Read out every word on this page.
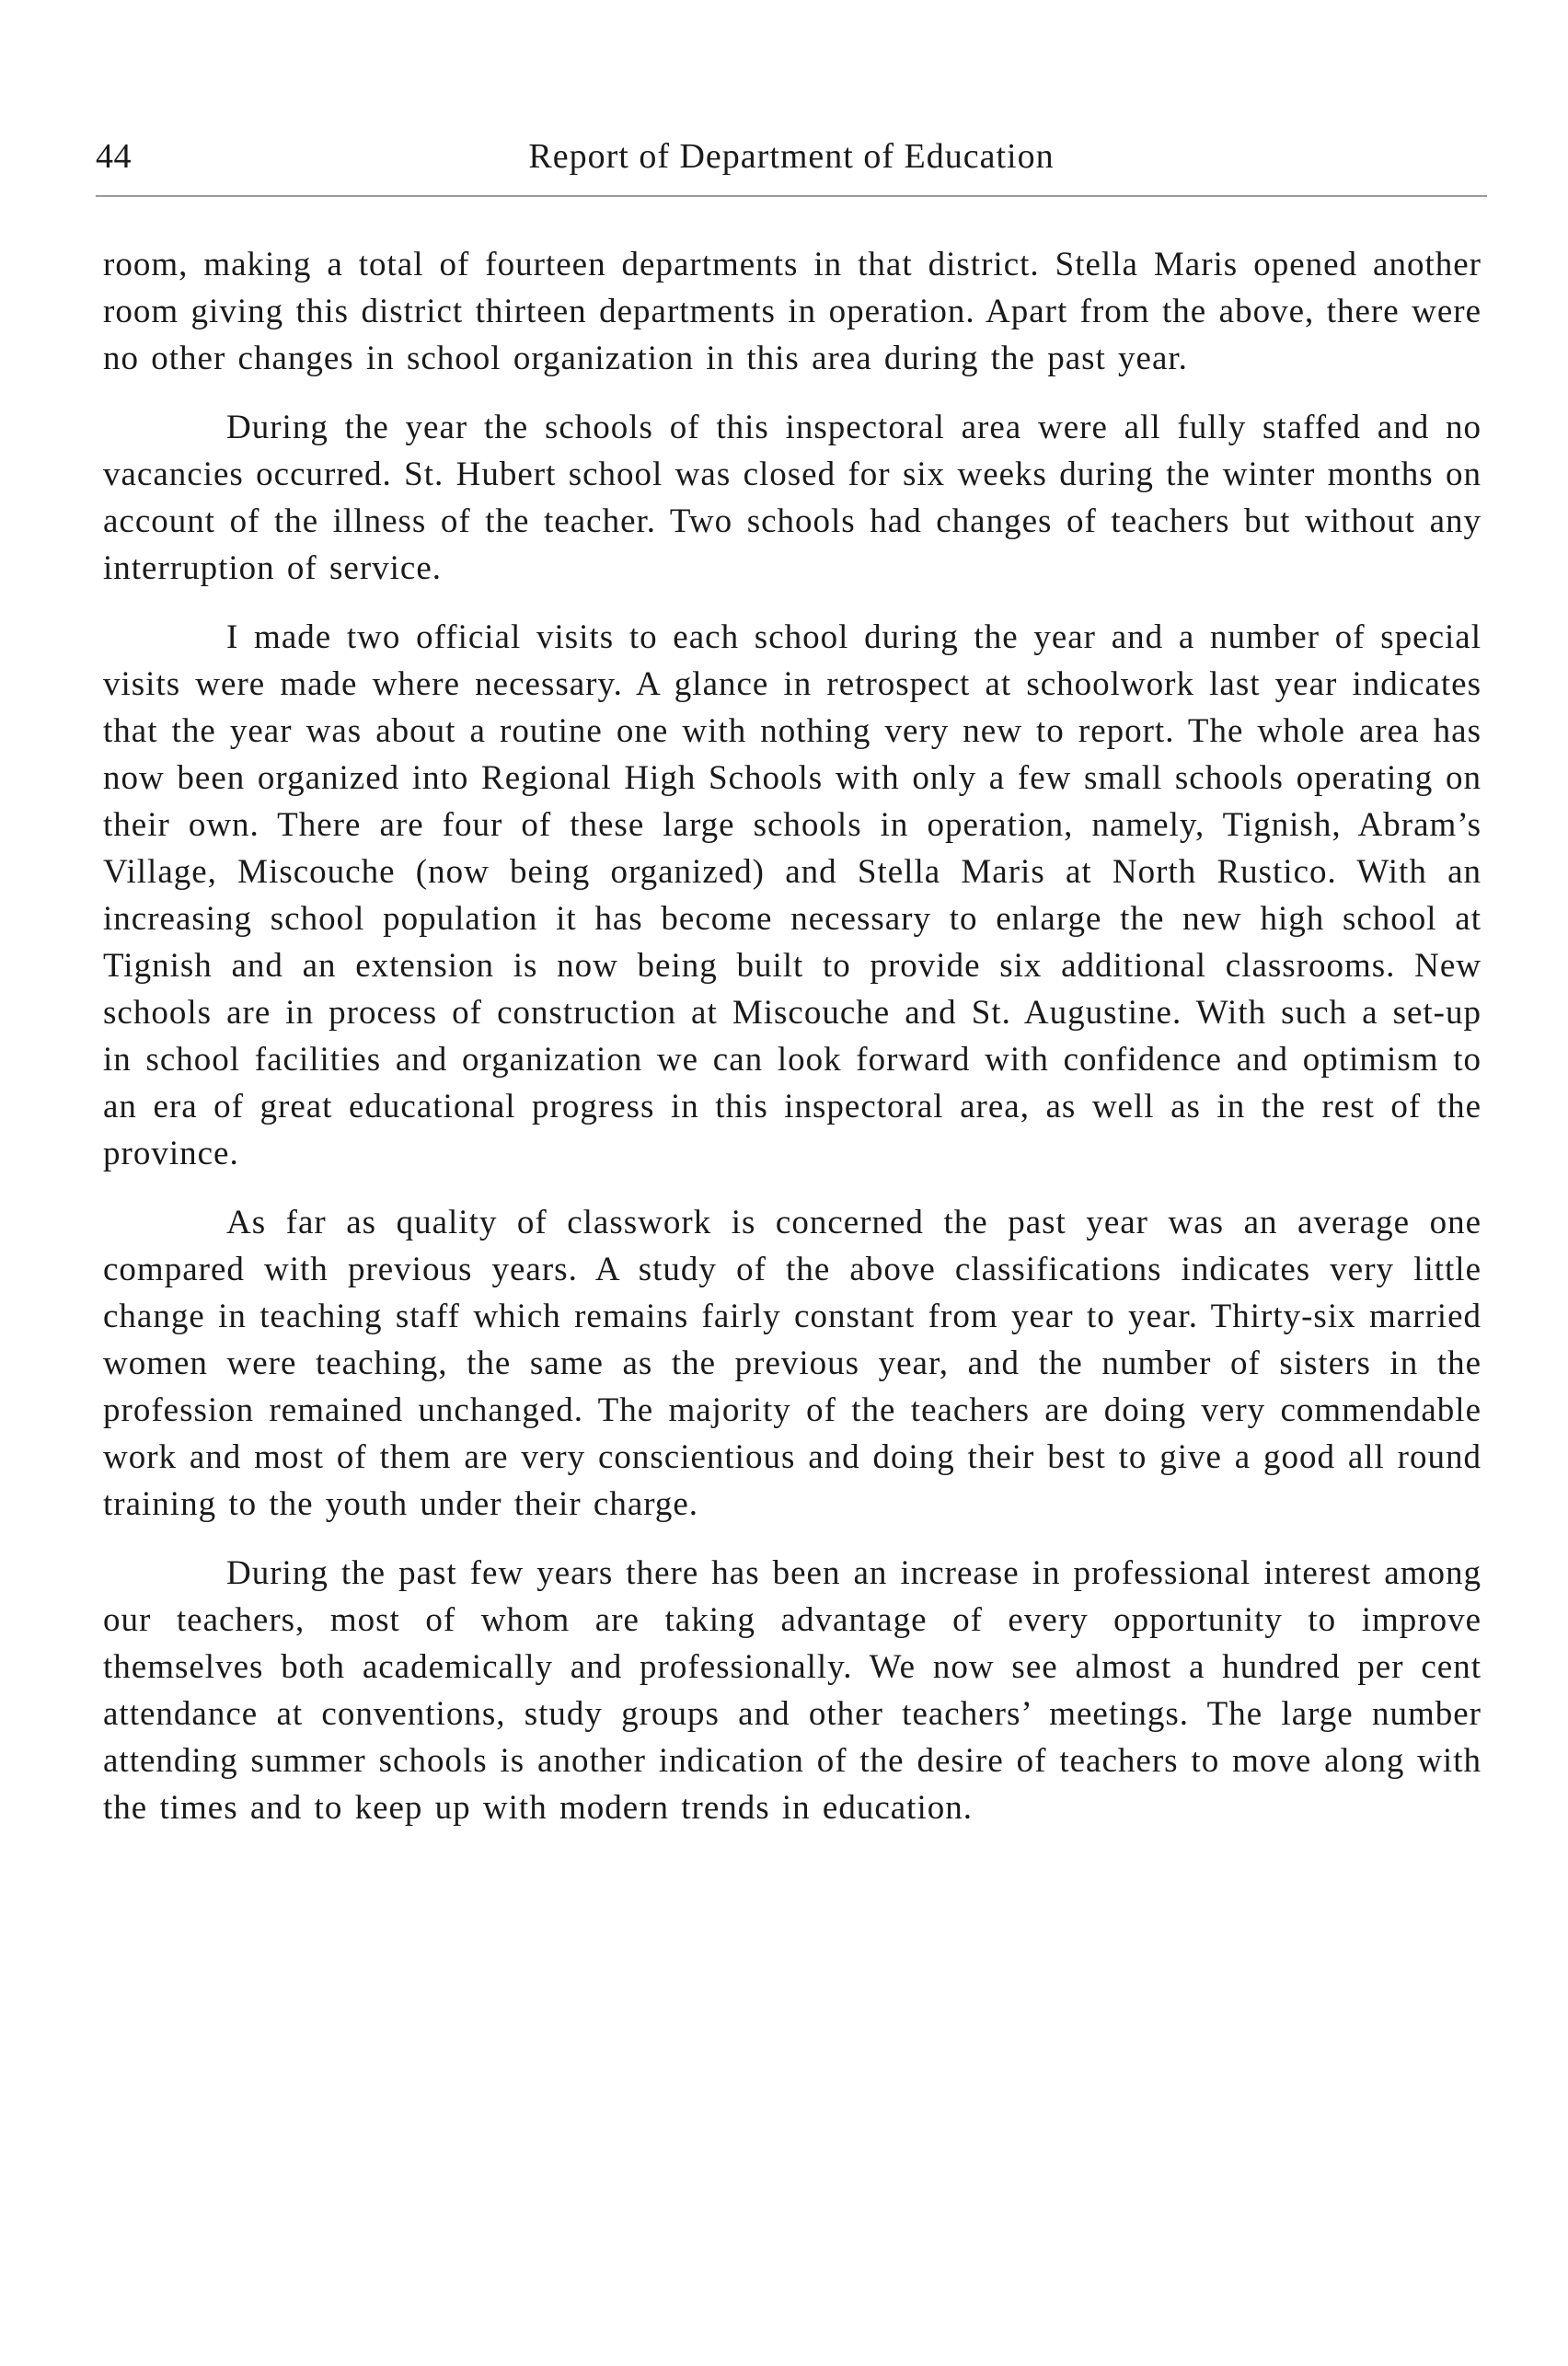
44	Report of Department of Education

room, making a total of fourteen departments in that district. Stella Maris opened another room giving this district thirteen departments in operation. Apart from the above, there were no other changes in school organization in this area during the past year.

During the year the schools of this inspectoral area were all fully staffed and no vacancies occurred. St. Hubert school was closed for six weeks during the winter months on account of the illness of the teacher. Two schools had changes of teachers but without any interruption of service.

I made two official visits to each school during the year and a number of special visits were made where necessary. A glance in retrospect at schoolwork last year indicates that the year was about a routine one with nothing very new to report. The whole area has now been organized into Regional High Schools with only a few small schools operating on their own. There are four of these large schools in operation, namely, Tignish, Abram’s Village, Miscouche (now being organized) and Stella Maris at North Rustico. With an increasing school population it has become necessary to enlarge the new high school at Tignish and an extension is now being built to provide six additional classrooms. New schools are in process of construction at Miscouche and St. Augustine. With such a set-up in school facilities and organization we can look forward with confidence and optimism to an era of great educational progress in this inspectoral area, as well as in the rest of the province.

As far as quality of classwork is concerned the past year was an average one compared with previous years. A study of the above classifications indicates very little change in teaching staff which remains fairly constant from year to year. Thirty-six married women were teaching, the same as the previous year, and the number of sisters in the profession remained unchanged. The majority of the teachers are doing very commendable work and most of them are very conscientious and doing their best to give a good all round training to the youth under their charge.

During the past few years there has been an increase in professional interest among our teachers, most of whom are taking advantage of every opportunity to improve themselves both academically and professionally. We now see almost a hundred per cent attendance at conventions, study groups and other teachers’ meetings. The large number attending summer schools is another indication of the desire of teachers to move along with the times and to keep up with modern trends in education.
